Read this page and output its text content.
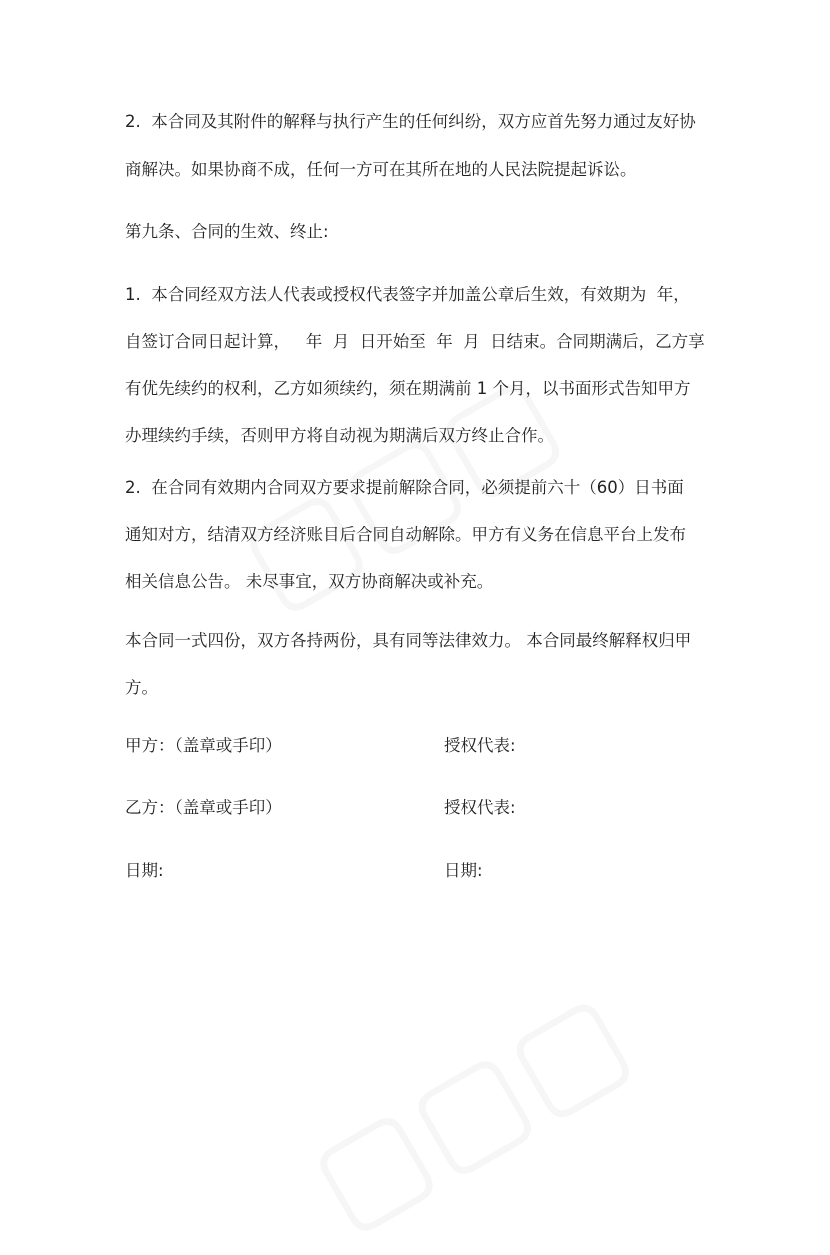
2.  本合同及其附件的解释与执行产生的任何纠纷，双方应首先努力通过友好协
商解决。如果协商不成，任何一方可在其所在地的人民法院提起诉讼。
第九条、合同的生效、终止:
1.  本合同经双方法人代表或授权代表签字并加盖公章后生效，有效期为  年，
自签订合同日起计算，   年  月  日开始至  年  月  日结束。合同期满后，乙方享
有优先续约的权利，乙方如须续约，须在期满前 1 个月，以书面形式告知甲方
办理续约手续，否则甲方将自动视为期满后双方终止合作。
2.  在合同有效期内合同双方要求提前解除合同，必须提前六十（60）日书面
通知对方，结清双方经济账目后合同自动解除。甲方有义务在信息平台上发布
相关信息公告。 未尽事宜，双方协商解决或补充。
本合同一式四份，双方各持两份，具有同等法律效力。 本合同最终解释权归甲
方。
甲方：（盖章或手印）	授权代表:
乙方：（盖章或手印）	授权代表:
日期:	日期:
